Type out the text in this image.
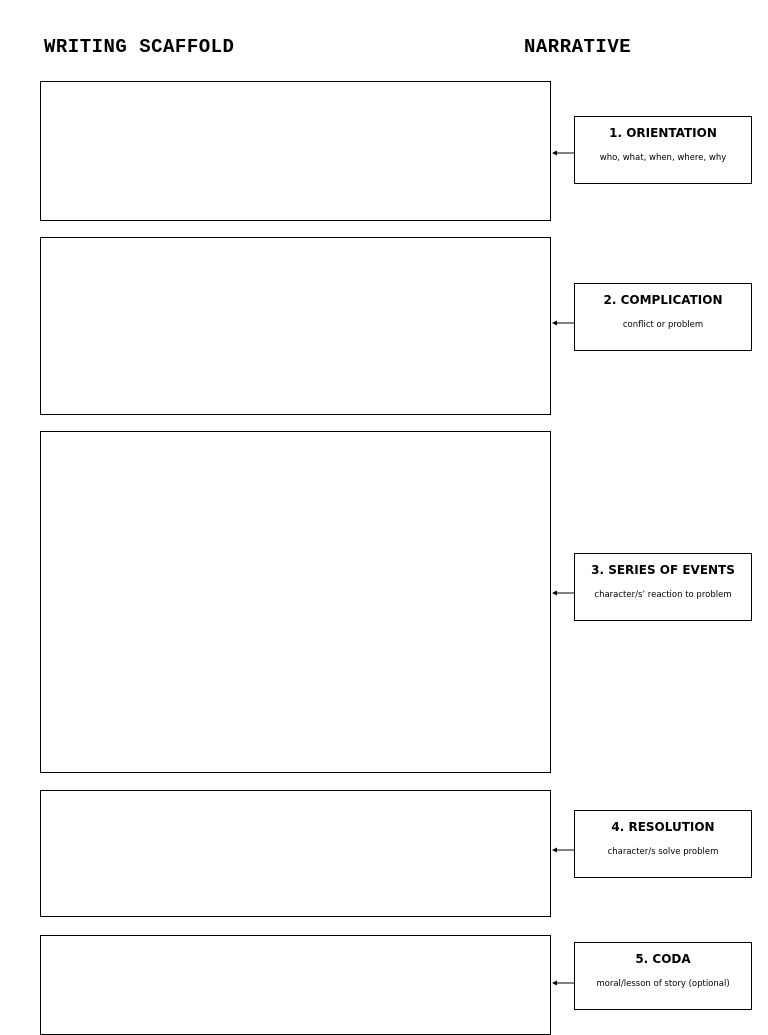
WRITING SCAFFOLD	NARRATIVE
1. ORIENTATION
who, what, when, where, why
2. COMPLICATION
conflict or problem
3. SERIES OF EVENTS
character/s’ reaction to problem
4. RESOLUTION
character/s solve problem
5. CODA
moral/lesson of story (optional)
